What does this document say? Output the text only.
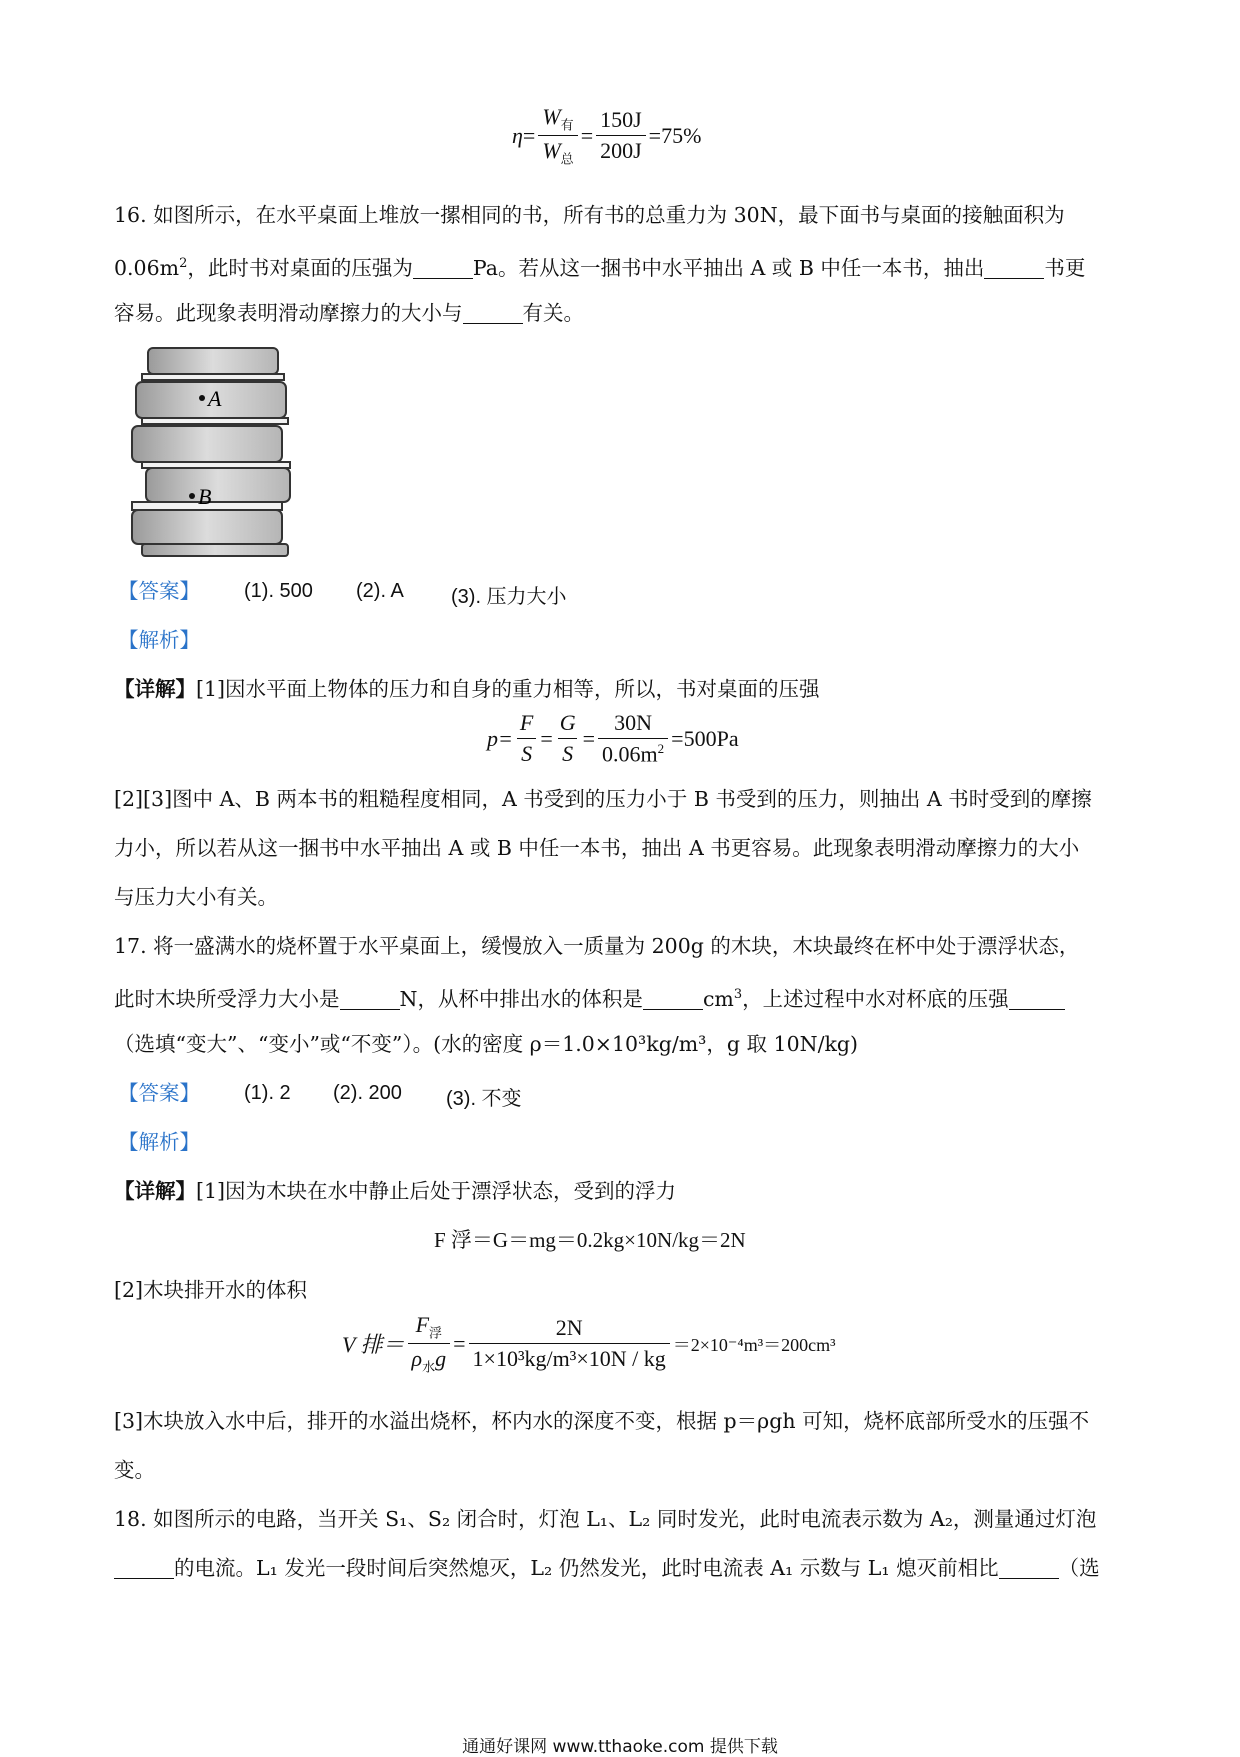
$\eta = \frac{W_有}{W_总} = \frac{150J}{200J} =75\%$
16. 如图所示，在水平桌面上堆放一摞相同的书，所有书的总重力为 30N，最下面书与桌面的接触面积为
$0.06m^2$，此时书对桌面的压强为	Pa。若从这一捆书中水平抽出 A 或 B 中任一本书，抽出	书更
容易。此现象表明滑动摩擦力的大小与	有关。
A
B
【答案】 (1). 500 (2). A (3). 压力大小
【解析】
【详解】[1]因水平面上物体的压力和自身的重力相等，所以，书对桌面的压强
$p= \frac{F}{S} = \frac{G}{S} = \frac{30N}{0.06m^2} =500Pa$
[2][3]图中 A、B 两本书的粗糙程度相同，A 书受到的压力小于 B 书受到的压力，则抽出 A 书时受到的摩擦
力小，所以若从这一捆书中水平抽出 A 或 B 中任一本书，抽出 A 书更容易。此现象表明滑动摩擦力的大小
与压力大小有关。
17. 将一盛满水的烧杯置于水平桌面上，缓慢放入一质量为 200g 的木块，木块最终在杯中处于漂浮状态，
此时木块所受浮力大小是	N，从杯中排出水的体积是	$cm^3$，上述过程中水对杯底的压强
（选填“变大”、“变小”或“不变”）。(水的密度 ρ＝1.0×10³kg/m³，g 取 10N/kg)
【答案】 (1). 2 (2). 200 (3). 不变
【解析】
【详解】[1]因为木块在水中静止后处于漂浮状态，受到的浮力
F 浮＝G＝mg＝0.2kg×10N/kg＝2N
[2]木块排开水的体积
V 排＝ $\frac{F_浮}{\rho_水g} = \frac{2N}{\text{1×10³kg/m³×10N / kg}} =2\times 10^{-4}m^3=200cm^3$
[3]木块放入水中后，排开的水溢出烧杯，杯内水的深度不变，根据 p＝ρgh 可知，烧杯底部所受水的压强不
变。
18. 如图所示的电路，当开关 S₁、S₂ 闭合时，灯泡 L₁、L₂ 同时发光，此时电流表示数为 A₂，测量通过灯泡
的电流。L₁ 发光一段时间后突然熄灭，L₂ 仍然发光，此时电流表 A₁ 示数与 L₁ 熄灭前相比	（选
通通好课网 www.tthaoke.com 提供下载
